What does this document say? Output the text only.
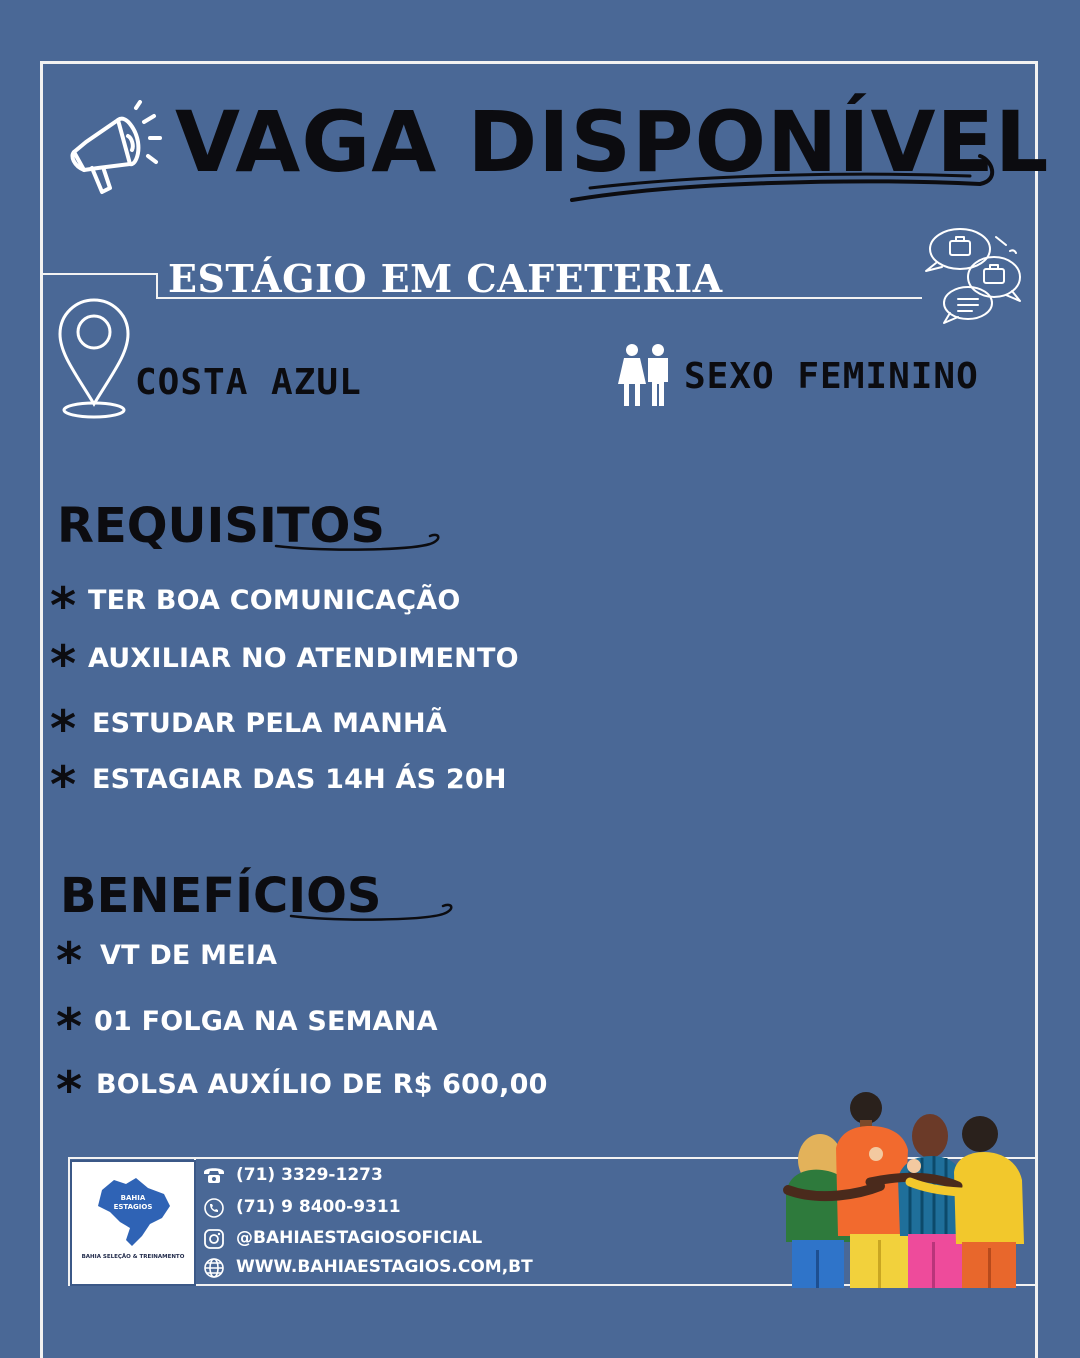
VAGA DISPONÍVEL
ESTÁGIO EM CAFETERIA
COSTA AZUL	SEXO FEMININO
REQUISITOS
* TER BOA COMUNICAÇÃO
* AUXILIAR NO ATENDIMENTO
* ESTUDAR PELA MANHÃ
* ESTAGIAR DAS 14H ÁS 20H
BENEFÍCIOS
* VT DE MEIA
* 01 FOLGA NA SEMANA
* BOLSA AUXÍLIO DE R$ 600,00
BAHIA
ESTAGIOS
BAHIA SELEÇÃO & TREINAMENTO
(71) 3329-1273
(71) 9 8400-9311
@BAHIAESTAGIOSOFICIAL
WWW.BAHIAESTAGIOS.COM,BT
